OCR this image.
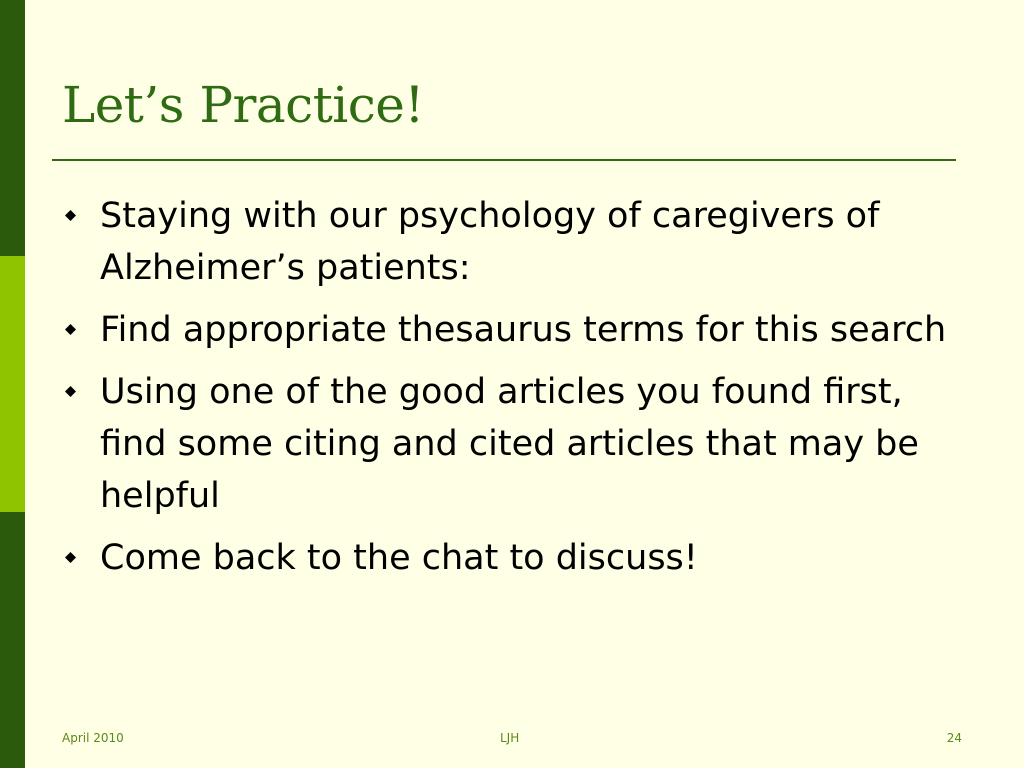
Let’s Practice!
Staying with our psychology of caregivers of Alzheimer’s patients:
Find appropriate thesaurus terms for this search
Using one of the good articles you found first, find some citing and cited articles that may be helpful
Come back to the chat to discuss!
April 2010	LJH	24
